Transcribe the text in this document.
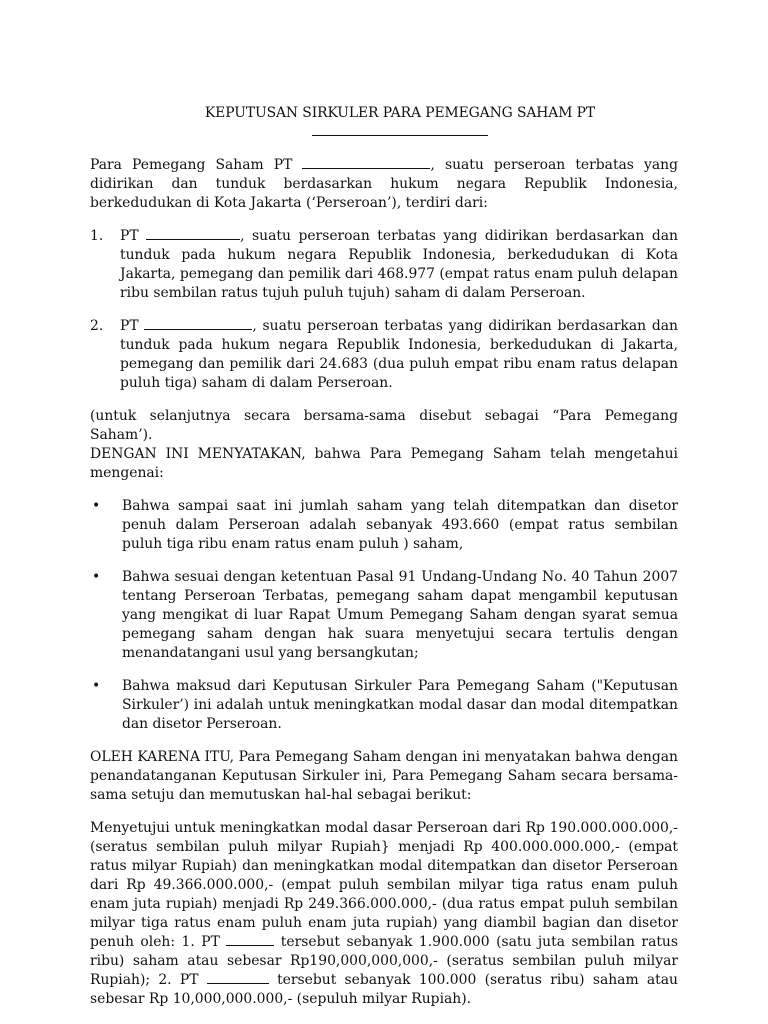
KEPUTUSAN SIRKULER PARA PEMEGANG SAHAM PT

Para Pemegang Saham PT	, suatu perseroan terbatas yang didirikan dan tunduk berdasarkan hukum negara Republik Indonesia, berkedudukan di Kota Jakarta (‘Perseroan’), terdiri dari:

1.	PT	, suatu perseroan terbatas yang didirikan berdasarkan dan tunduk pada hukum negara Republik Indonesia, berkedudukan di Kota Jakarta, pemegang dan pemilik dari 468.977 (empat ratus enam puluh delapan ribu sembilan ratus tujuh puluh tujuh) saham di dalam Perseroan.
2.	PT	, suatu perseroan terbatas yang didirikan berdasarkan dan tunduk pada hukum negara Republik Indonesia, berkedudukan di Jakarta, pemegang dan pemilik dari 24.683 (dua puluh empat ribu enam ratus delapan puluh tiga) saham di dalam Perseroan.

(untuk selanjutnya secara bersama-sama disebut sebagai “Para Pemegang Saham’).

DENGAN INI MENYATAKAN, bahwa Para Pemegang Saham telah mengetahui mengenai:

•	Bahwa sampai saat ini jumlah saham yang telah ditempatkan dan disetor penuh dalam Perseroan adalah sebanyak 493.660 (empat ratus sembilan puluh tiga ribu enam ratus enam puluh ) saham,
•	Bahwa sesuai dengan ketentuan Pasal 91 Undang-Undang No. 40 Tahun 2007 tentang Perseroan Terbatas, pemegang saham dapat mengambil keputusan yang mengikat di luar Rapat Umum Pemegang Saham dengan syarat semua pemegang saham dengan hak suara menyetujui secara tertulis dengan menandatangani usul yang bersangkutan;
•	Bahwa maksud dari Keputusan Sirkuler Para Pemegang Saham ("Keputusan Sirkuler’) ini adalah untuk meningkatkan modal dasar dan modal ditempatkan dan disetor Perseroan.

OLEH KARENA ITU, Para Pemegang Saham dengan ini menyatakan bahwa dengan penandatanganan Keputusan Sirkuler ini, Para Pemegang Saham secara bersama-sama setuju dan memutuskan hal-hal sebagai berikut:

Menyetujui untuk meningkatkan modal dasar Perseroan dari Rp 190.000.000.000,- (seratus sembilan puluh milyar Rupiah} menjadi Rp 400.000.000.000,- (empat ratus milyar Rupiah) dan meningkatkan modal ditempatkan dan disetor Perseroan dari Rp 49.366.000.000,- (empat puluh sembilan milyar tiga ratus enam puluh enam juta rupiah) menjadi Rp 249.366.000.000,- (dua ratus empat puluh sembilan milyar tiga ratus enam puluh enam juta rupiah) yang diambil bagian dan disetor penuh oleh: 1. PT	tersebut sebanyak 1.900.000 (satu juta sembilan ratus ribu) saham atau sebesar Rp190,000,000,000,- (seratus sembilan puluh milyar Rupiah); 2. PT	tersebut sebanyak 100.000 (seratus ribu) saham atau sebesar Rp 10,000,000.000,- (sepuluh milyar Rupiah).
